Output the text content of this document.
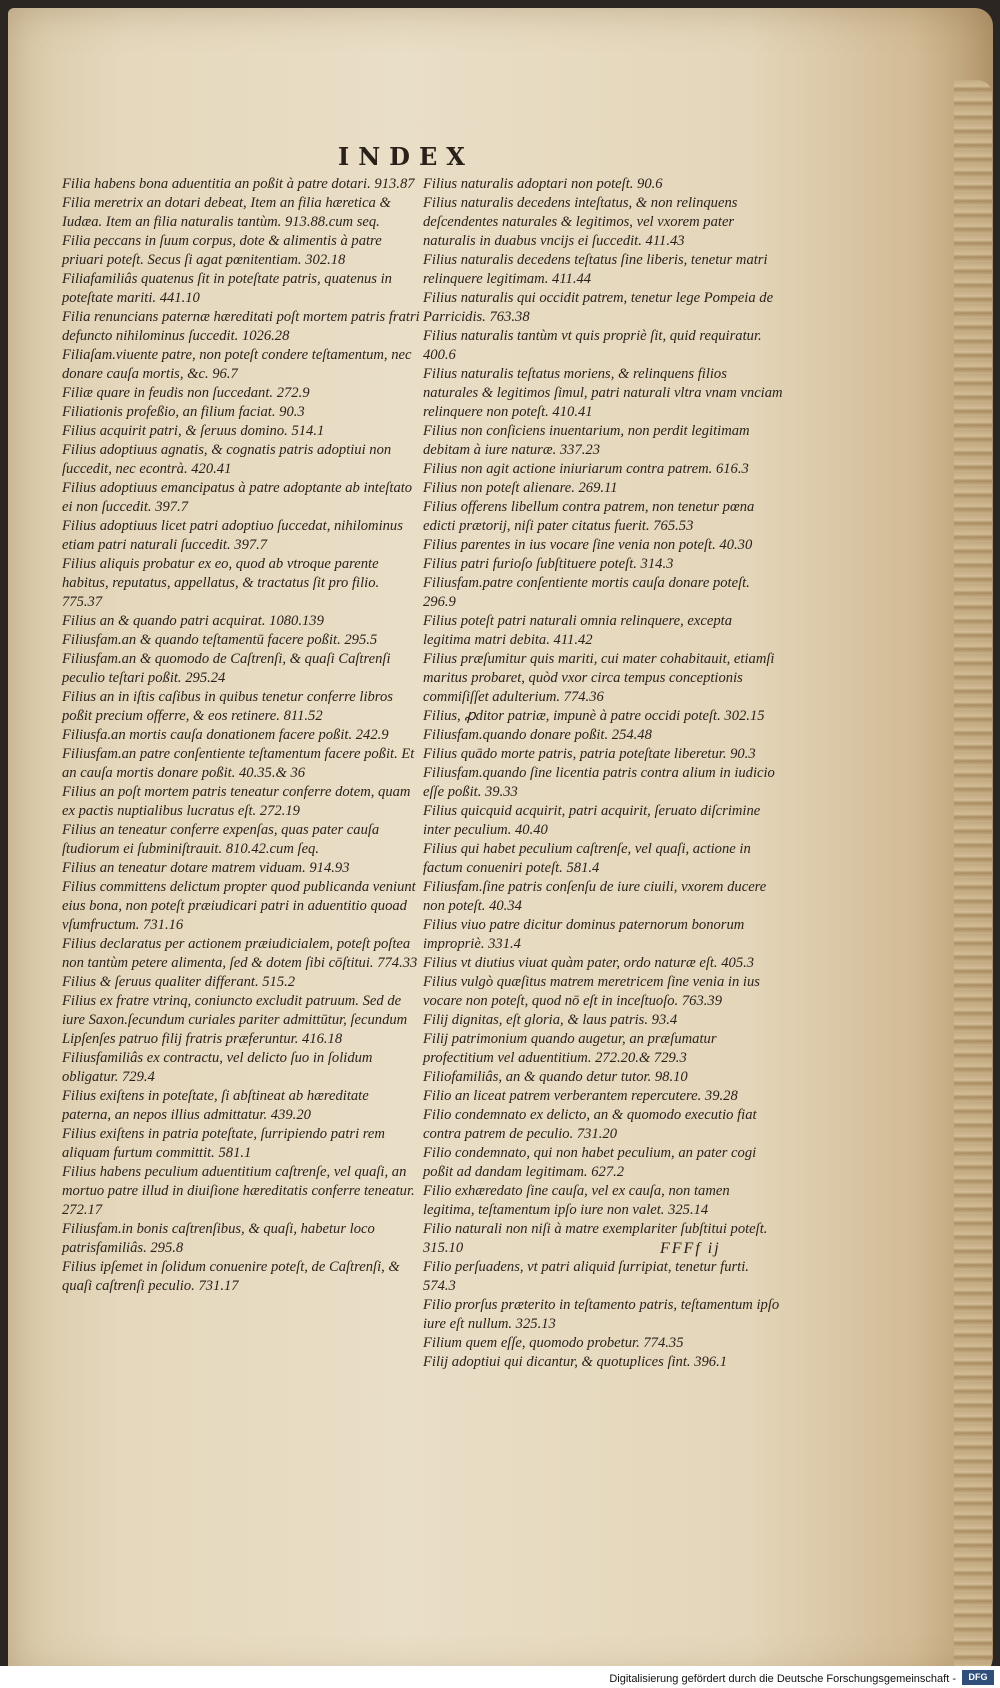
INDEX

Filia habens bona aduentitia an poßit à patre dotari. 913.87

Filia meretrix an dotari debeat, Item an filia hæretica & Iudæa. Item an filia naturalis tantùm. 913.88.cum seq.

Filia peccans in ſuum corpus, dote & alimentis à patre priuari poteſt. Secus ſi agat pœnitentiam. 302.18

Filiafamiliâs quatenus ſit in poteſtate patris, quatenus in poteſtate mariti. 441.10

Filia renuncians paternæ hæreditati poſt mortem patris fratri defuncto nihilominus ſuccedit. 1026.28

Filiaſam.viuente patre, non poteſt condere teſtamentum, nec donare cauſa mortis, &c. 96.7

Filiæ quare in feudis non ſuccedant. 272.9

Filiationis profeßio, an filium faciat. 90.3

Filius acquirit patri, & ſeruus domino. 514.1

Filius adoptiuus agnatis, & cognatis patris adoptiui non ſuccedit, nec econtrà. 420.41

Filius adoptiuus emancipatus à patre adoptante ab inteſtato ei non ſuccedit. 397.7

Filius adoptiuus licet patri adoptiuo ſuccedat, nihilominus etiam patri naturali ſuccedit. 397.7

Filius aliquis probatur ex eo, quod ab vtroque parente habitus, reputatus, appellatus, & tractatus ſit pro filio. 775.37

Filius an & quando patri acquirat. 1080.139

Filiusfam.an & quando teſtamentū facere poßit. 295.5

Filiusfam.an & quomodo de Caſtrenſi, & quaſi Caſtrenſi peculio teſtari poßit. 295.24

Filius an in iſtis caſibus in quibus tenetur conferre libros poßit precium offerre, & eos retinere. 811.52

Filiusfa.an mortis cauſa donationem facere poßit. 242.9

Filiusfam.an patre conſentiente teſtamentum facere poßit. Et an cauſa mortis donare poßit. 40.35.& 36

Filius an poſt mortem patris teneatur conferre dotem, quam ex pactis nuptialibus lucratus eſt. 272.19

Filius an teneatur conferre expenſas, quas pater cauſa ſtudiorum ei ſubminiſtrauit. 810.42.cum ſeq.

Filius an teneatur dotare matrem viduam. 914.93

Filius committens delictum propter quod publicanda veniunt eius bona, non poteſt præiudicari patri in aduentitio quoad vſumfructum. 731.16

Filius declaratus per actionem præiudicialem, poteſt poſtea non tantùm petere alimenta, ſed & dotem ſibi cōſtitui. 774.33

Filius & ſeruus qualiter differant. 515.2

Filius ex fratre vtrinq, coniuncto excludit patruum. Sed de iure Saxon.ſecundum curiales pariter admittūtur, ſecundum Lipſenſes patruo filij fratris præferuntur. 416.18

Filiusfamiliâs ex contractu, vel delicto ſuo in ſolidum obligatur. 729.4

Filius exiſtens in poteſtate, ſi abſtineat ab hæreditate paterna, an nepos illius admittatur. 439.20

Filius exiſtens in patria poteſtate, ſurripiendo patri rem aliquam furtum committit. 581.1

Filius habens peculium aduentitium caſtrenſe, vel quaſi, an mortuo patre illud in diuiſione hæreditatis conferre teneatur. 272.17

Filiusfam.in bonis caſtrenſibus, & quaſi, habetur loco patrisfamiliâs. 295.8

Filius ipſemet in ſolidum conuenire poteſt, de Caſtrenſi, & quaſi caſtrenſi peculio. 731.17

Filius naturalis adoptari non poteſt. 90.6

Filius naturalis decedens inteſtatus, & non relinquens deſcendentes naturales & legitimos, vel vxorem pater naturalis in duabus vncijs ei ſuccedit. 411.43

Filius naturalis decedens teſtatus ſine liberis, tenetur matri relinquere legitimam. 411.44

Filius naturalis qui occidit patrem, tenetur lege Pompeia de Parricidis. 763.38

Filius naturalis tantùm vt quis propriè ſit, quid requiratur. 400.6

Filius naturalis teſtatus moriens, & relinquens filios naturales & legitimos ſimul, patri naturali vltra vnam vnciam relinquere non poteſt. 410.41

Filius non conſiciens inuentarium, non perdit legitimam debitam à iure naturæ. 337.23

Filius non agit actione iniuriarum contra patrem. 616.3

Filius non poteſt alienare. 269.11

Filius offerens libellum contra patrem, non tenetur pœna edicti prætorij, niſi pater citatus fuerit. 765.53

Filius parentes in ius vocare ſine venia non poteſt. 40.30

Filius patri furioſo ſubſtituere poteſt. 314.3

Filiusfam.patre conſentiente mortis cauſa donare poteſt. 296.9

Filius poteſt patri naturali omnia relinquere, excepta legitima matri debita. 411.42

Filius præſumitur quis mariti, cui mater cohabitauit, etiamſi maritus probaret, quòd vxor circa tempus conceptionis commiſiſſet adulterium. 774.36

Filius, ꝓditor patriæ, impunè à patre occidi poteſt. 302.15

Filiusfam.quando donare poßit. 254.48

Filius quādo morte patris, patria poteſtate liberetur. 90.3

Filiusfam.quando ſine licentia patris contra alium in iudicio eſſe poßit. 39.33

Filius quicquid acquirit, patri acquirit, ſeruato diſcrimine inter peculium. 40.40

Filius qui habet peculium caſtrenſe, vel quaſi, actione in factum conueniri poteſt. 581.4

Filiusfam.ſine patris conſenſu de iure ciuili, vxorem ducere non poteſt. 40.34

Filius viuo patre dicitur dominus paternorum bonorum impropriè. 331.4

Filius vt diutius viuat quàm pater, ordo naturæ eſt. 405.3

Filius vulgò quæſitus matrem meretricem ſine venia in ius vocare non poteſt, quod nō eſt in inceſtuoſo. 763.39

Filij dignitas, eſt gloria, & laus patris. 93.4

Filij patrimonium quando augetur, an præſumatur profectitium vel aduentitium. 272.20.& 729.3

Filiofamiliâs, an & quando detur tutor. 98.10

Filio an liceat patrem verberantem repercutere. 39.28

Filio condemnato ex delicto, an & quomodo executio fiat contra patrem de peculio. 731.20

Filio condemnato, qui non habet peculium, an pater cogi poßit ad dandam legitimam. 627.2

Filio exhæredato ſine cauſa, vel ex cauſa, non tamen legitima, teſtamentum ipſo iure non valet. 325.14

Filio naturali non niſi à matre exemplariter ſubſtitui poteſt. 315.10

Filio perſuadens, vt patri aliquid ſurripiat, tenetur furti. 574.3

Filio prorſus præterito in teſtamento patris, teſtamentum ipſo iure eſt nullum. 325.13

Filium quem eſſe, quomodo probetur. 774.35

Filij adoptiui qui dicantur, & quotuplices ſint. 396.1

FFFf ij
Digitalisierung gefördert durch die Deutsche Forschungsgemeinschaft -	DFG
